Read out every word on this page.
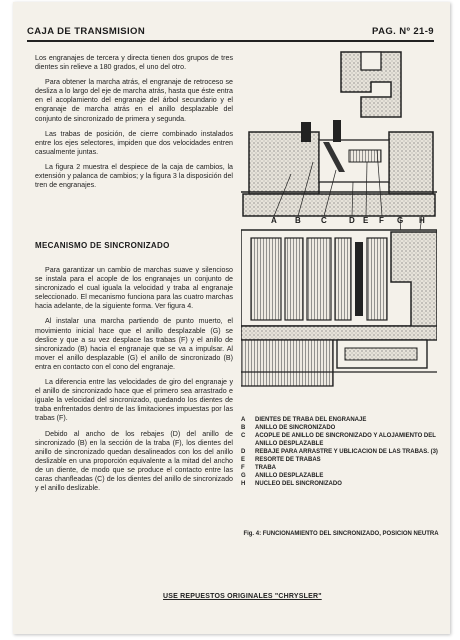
CAJA DE TRANSMISION	PAG. Nº 21-9

Los engranajes de tercera y directa tienen dos grupos de tres dientes sin relieve a 180 grados, el uno del otro.

Para obtener la marcha atrás, el engranaje de retroceso se desliza a lo largo del eje de marcha atrás, hasta que éste entra en el acoplamiento del engranaje del árbol secundario y el engranaje de marcha atrás en el anillo desplazable del conjunto de sincronizado de primera y segunda.

Las trabas de posición, de cierre combinado instalados entre los ejes selectores, impiden que dos velocidades entren casualmente juntas.

La figura 2 muestra el despiece de la caja de cambios, la extensión y palanca de cambios; y la figura 3 la disposición del tren de engranajes.

MECANISMO DE SINCRONIZADO

Para garantizar un cambio de marchas suave y silencioso se instala para el acople de los engranajes un conjunto de sincronizado el cual iguala la velocidad y traba al engranaje seleccionado. El mecanismo funciona para las cuatro marchas hacia adelante, de la siguiente forma. Ver figura 4.

Al instalar una marcha partiendo de punto muerto, el movimiento inicial hace que el anillo desplazable (G) se deslice y que a su vez desplace las trabas (F) y el anillo de sincronizado (B) hacia el engranaje que se va a impulsar. Al mover el anillo desplazable (G) el anillo de sincronizado (B) entra en contacto con el cono del engranaje.

La diferencia entre las velocidades de giro del engranaje y el anillo de sincronizado hace que el primero sea arrastrado e iguale la velocidad del sincronizado, quedando los dientes de traba enfrentados dentro de las limitaciones impuestas por las trabas (F).

Debido al ancho de los rebajes (D) del anillo de sincronizado (B) en la sección de la traba (F), los dientes del anillo de sincronizado quedan desalineados con los del anillo deslizable en una proporción equivalente a la mitad del ancho de un diente, de modo que se produce el contacto entre las caras chanfleadas (C) de los dientes del anillo de sincronizado y el anillo deslizable.

A B	C	D E F G H
A	DIENTES DE TRABA DEL ENGRANAJE
B	ANILLO DE SINCRONIZADO
C	ACOPLE DE ANILLO DE SINCRONIZADO Y ALOJAMIENTO DEL ANILLO DESPLAZABLE
D	REBAJE PARA ARRASTRE Y UBLICACION DE LAS TRABAS. (3)
E	RESORTE DE TRABAS
F	TRABA
G	ANILLO DESPLAZABLE
H	NUCLEO DEL SINCRONIZADO
Fig. 4: FUNCIONAMIENTO DEL SINCRONIZADO, POSICION NEUTRA
USE REPUESTOS ORIGINALES "CHRYSLER"
